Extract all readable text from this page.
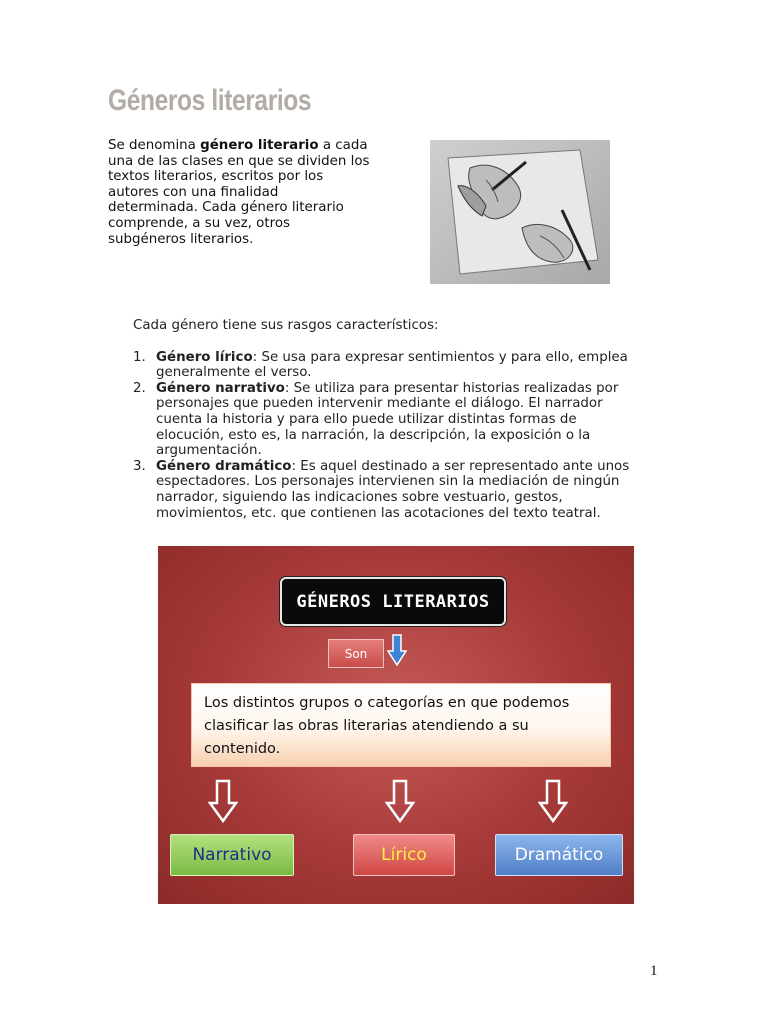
Géneros literarios
Se denomina género literario a cada una de las clases en que se dividen los textos literarios, escritos por los autores con una finalidad determinada. Cada género literario comprende, a su vez, otros subgéneros literarios.

Cada género tiene sus rasgos característicos:

1. Género lírico: Se usa para expresar sentimientos y para ello, emplea generalmente el verso.
2. Género narrativo: Se utiliza para presentar historias realizadas por personajes que pueden intervenir mediante el diálogo. El narrador cuenta la historia y para ello puede utilizar distintas formas de elocución, esto es, la narración, la descripción, la exposición o la argumentación.
3. Género dramático: Es aquel destinado a ser representado ante unos espectadores. Los personajes intervienen sin la mediación de ningún narrador, siguiendo las indicaciones sobre vestuario, gestos, movimientos, etc. que contienen las acotaciones del texto teatral.
GÉNEROS LITERARIOS
Son
Los distintos grupos o categorías en que podemos clasificar las obras literarias atendiendo a su contenido.
Narrativo	Lírico	Dramático
1
